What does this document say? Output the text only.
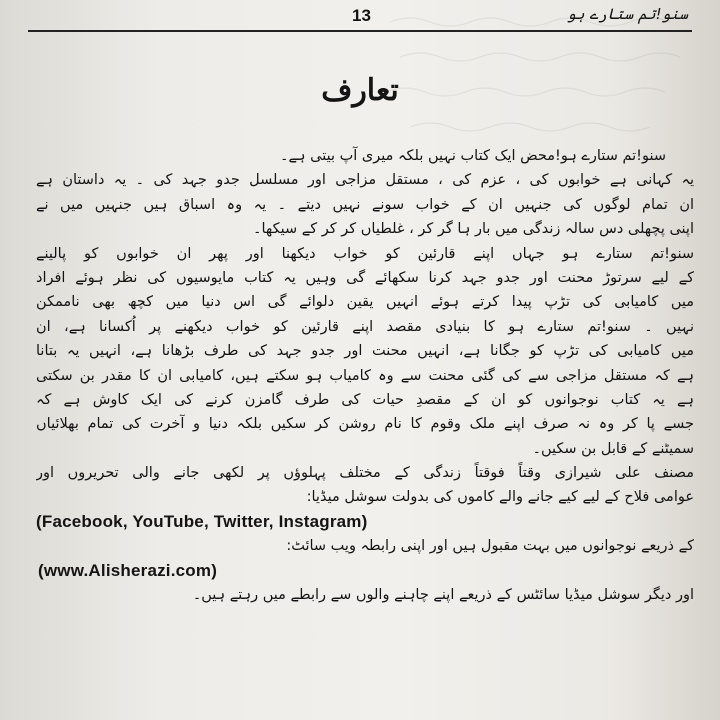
13	سنو!تم ستارے ہو
تعارف
سنو!تم ستارے ہو!محض ایک کتاب نہیں بلکہ میری آپ بیتی ہے۔
یہ کہانی ہے خوابوں کی ، عزم کی ، مستقل مزاجی اور مسلسل جدو جہد کی ۔ یہ داستان ہے
ان تمام لوگوں کی جنہیں ان کے خواب سونے نہیں دیتے ۔ یہ وہ اسباق ہیں جنہیں میں نے
اپنی پچھلی دس سالہ زندگی میں بار ہا گر کر ، غلطیاں کر کر کے سیکھا۔
سنو!تم ستارے ہو جہاں اپنے قارئین کو خواب دیکھنا اور پھر ان خوابوں کو پالینے
کے لیے سرتوڑ محنت اور جدو جہد کرنا سکھائے گی وہیں یہ کتاب مایوسیوں کی نظر ہوئے افراد
میں کامیابی کی تڑپ پیدا کرتے ہوئے انہیں یقین دلوائے گی اس دنیا میں کچھ بھی ناممکن
نہیں ۔ سنو!تم ستارے ہو کا بنیادی مقصد اپنے قارئین کو خواب دیکھنے پر اُکسانا ہے، ان
میں کامیابی کی تڑپ کو جگانا ہے، انہیں محنت اور جدو جہد کی طرف بڑھانا ہے، انہیں یہ بتانا
ہے کہ مستقل مزاجی سے کی گئی محنت سے وہ کامیاب ہو سکتے ہیں، کامیابی ان کا مقدر بن سکتی
ہے یہ کتاب نوجوانوں کو ان کے مقصدِ حیات کی طرف گامزن کرنے کی ایک کاوش ہے کہ
جسے پا کر وہ نہ صرف اپنے ملک وقوم کا نام روشن کر سکیں بلکہ دنیا و آخرت کی تمام بھلائیاں
سمیٹنے کے قابل بن سکیں۔
مصنف علی شیرازی وقتاً فوقتاً زندگی کے مختلف پہلوؤں پر لکھی جانے والی تحریروں اور
عوامی فلاح کے لیے کیے جانے والے کاموں کی بدولت سوشل میڈیا:
(Facebook, YouTube, Twitter, Instagram)
کے ذریعے نوجوانوں میں بہت مقبول ہیں اور اپنی رابطہ ویب سائٹ:
(www.Alisherazi.com)
اور دیگر سوشل میڈیا سائٹس کے ذریعے اپنے چاہنے والوں سے رابطے میں رہتے ہیں۔
